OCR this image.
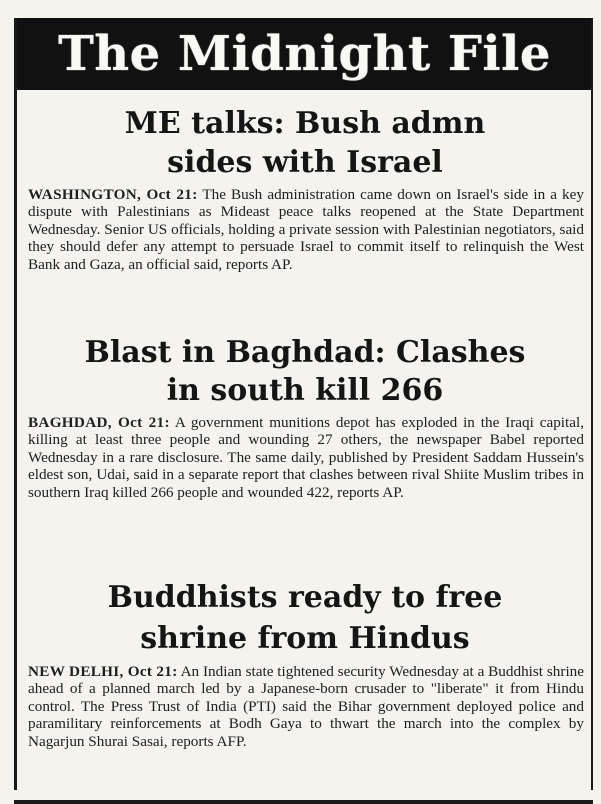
The Midnight File
ME talks: Bush admn
sides with Israel

WASHINGTON, Oct 21: The Bush administration came down on Israel's side in a key dispute with Palestinians as Mideast peace talks reopened at the State Department Wednesday. Senior US officials, holding a private session with Palestinian negotiators, said they should defer any attempt to persuade Israel to commit itself to relinquish the West Bank and Gaza, an official said, reports AP.

Blast in Baghdad: Clashes
in south kill 266

BAGHDAD, Oct 21: A government munitions depot has exploded in the Iraqi capital, killing at least three people and wounding 27 others, the newspaper Babel reported Wednesday in a rare disclosure. The same daily, published by President Saddam Hussein's eldest son, Udai, said in a separate report that clashes between rival Shiite Muslim tribes in southern Iraq killed 266 people and wounded 422, reports AP.

Buddhists ready to free
shrine from Hindus

NEW DELHI, Oct 21: An Indian state tightened security Wednesday at a Buddhist shrine ahead of a planned march led by a Japanese-born crusader to "liberate" it from Hindu control. The Press Trust of India (PTI) said the Bihar government deployed police and paramilitary reinforcements at Bodh Gaya to thwart the march into the complex by Nagarjun Shurai Sasai, reports AFP.
